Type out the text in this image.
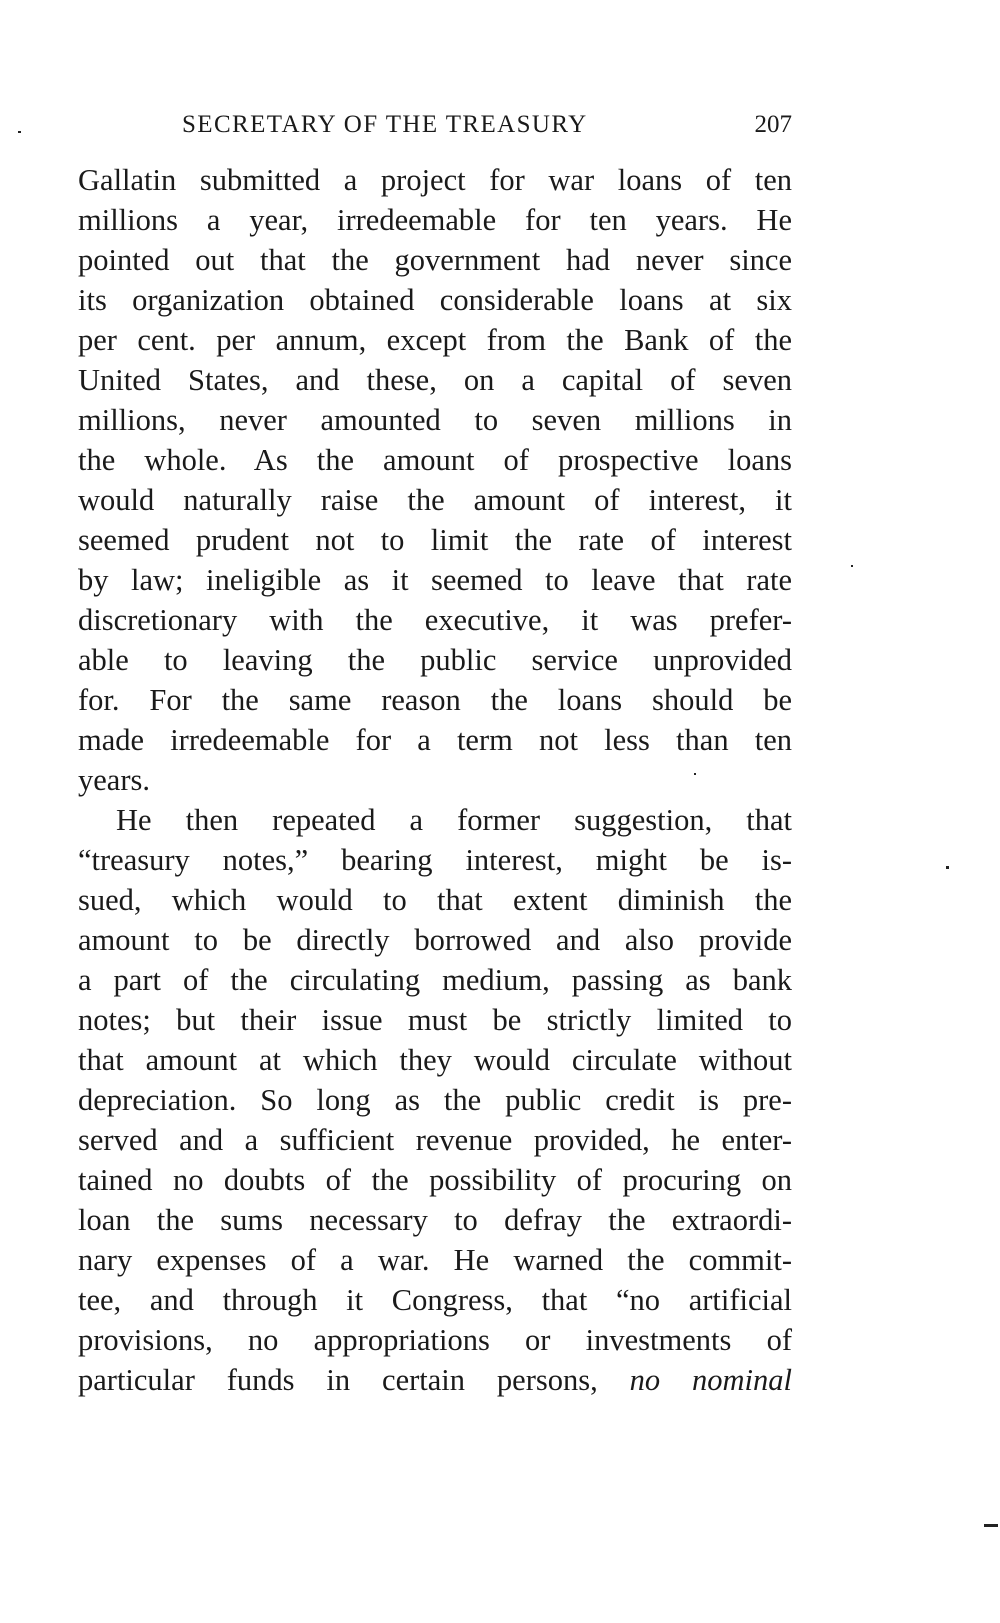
SECRETARY OF THE TREASURY	207
Gallatin submitted a project for war loans of ten
millions a year, irredeemable for ten years. He
pointed out that the government had never since
its organization obtained considerable loans at six
per cent. per annum, except from the Bank of the
United States, and these, on a capital of seven
millions, never amounted to seven millions in
the whole. As the amount of prospective loans
would naturally raise the amount of interest, it
seemed prudent not to limit the rate of interest
by law; ineligible as it seemed to leave that rate
discretionary with the executive, it was prefer-
able to leaving the public service unprovided
for. For the same reason the loans should be
made irredeemable for a term not less than ten
years.
He then repeated a former suggestion, that
“treasury notes,” bearing interest, might be is-
sued, which would to that extent diminish the
amount to be directly borrowed and also provide
a part of the circulating medium, passing as bank
notes; but their issue must be strictly limited to
that amount at which they would circulate without
depreciation. So long as the public credit is pre-
served and a sufficient revenue provided, he enter-
tained no doubts of the possibility of procuring on
loan the sums necessary to defray the extraordi-
nary expenses of a war. He warned the commit-
tee, and through it Congress, that “no artificial
provisions, no appropriations or investments of
particular funds in certain persons, no nominal
